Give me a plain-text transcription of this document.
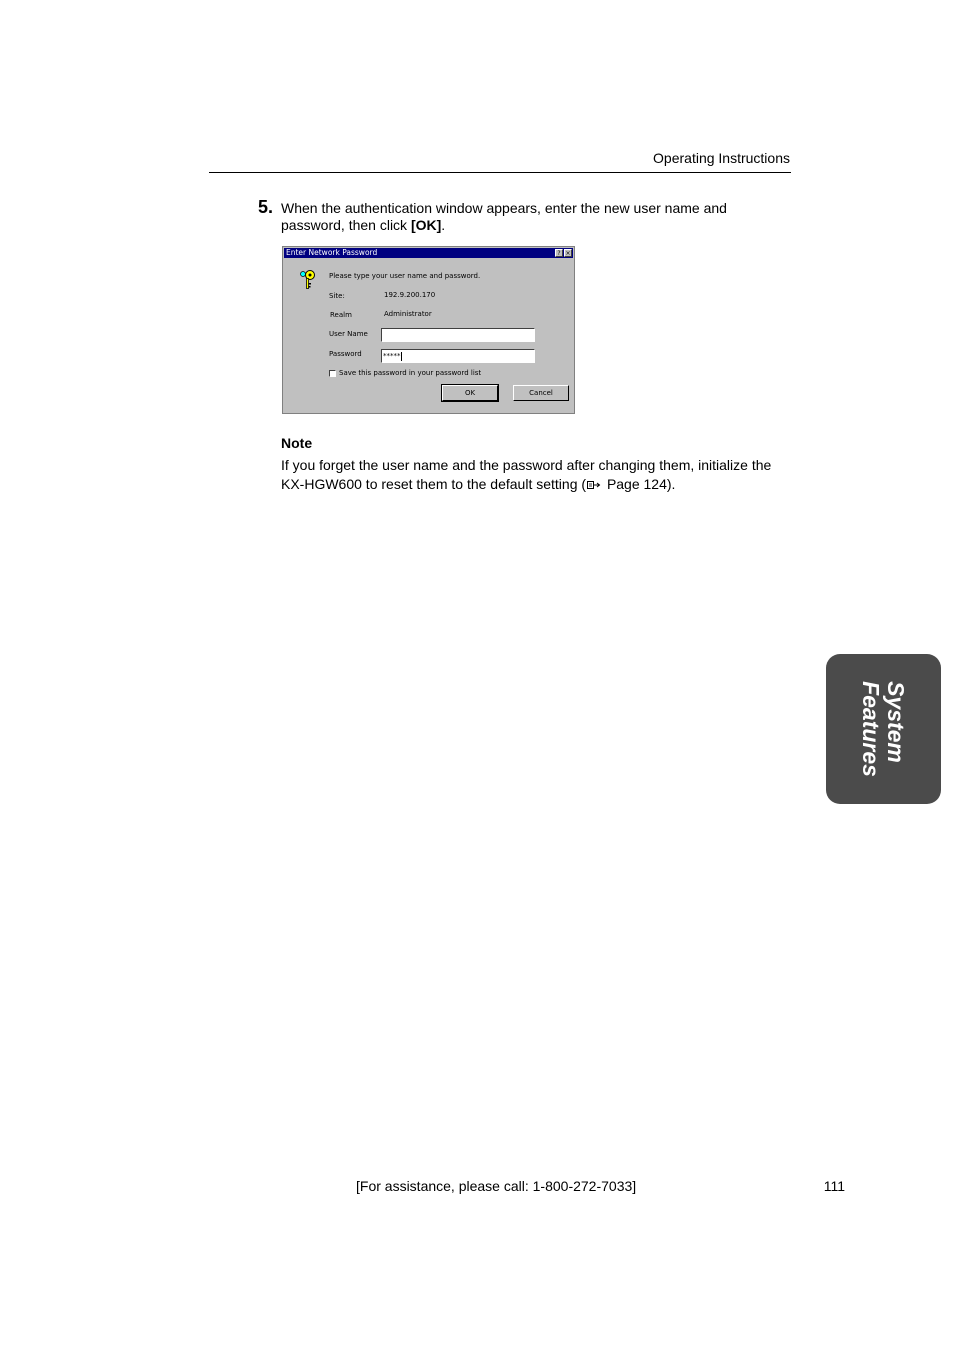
Operating Instructions
5. When the authentication window appears, enter the new user name and password, then click [OK].
Enter Network Password	? ×
Please type your user name and password.
Site:	192.9.200.170
Realm	Administrator
User Name
Password	*****
Save this password in your password list
OK	Cancel
Note
If you forget the user name and the password after changing them, initialize the KX-HGW600 to reset them to the default setting ( Page 124).
System
Features
[For assistance, please call: 1-800-272-7033]	111
